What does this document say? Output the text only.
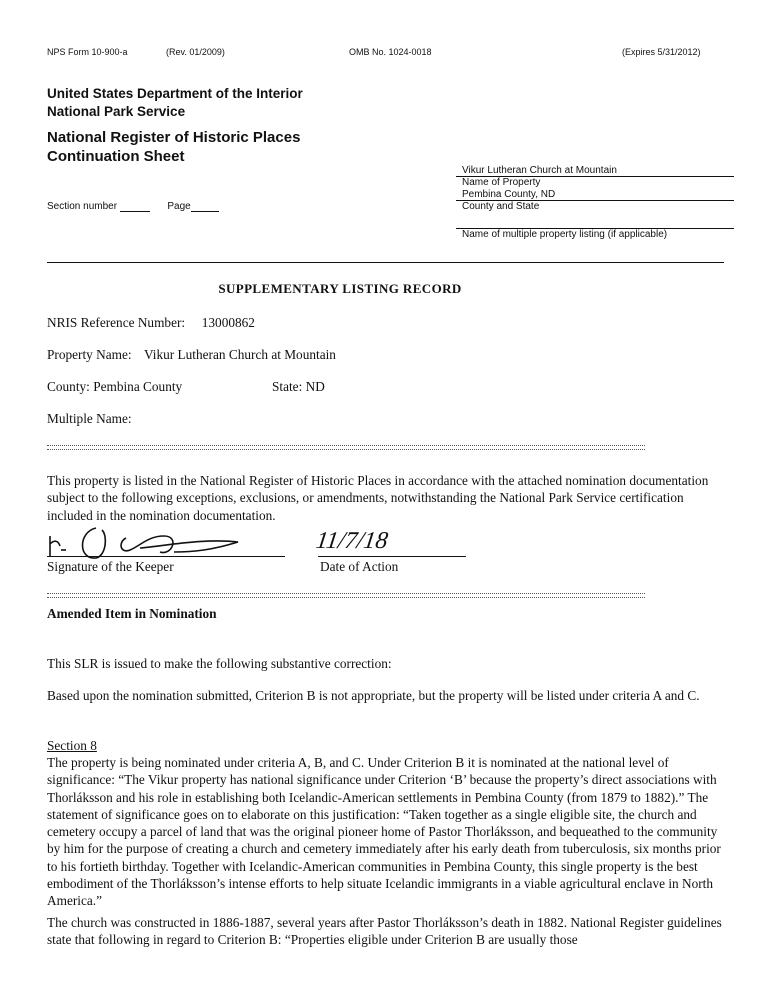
NPS Form 10-900-a	(Rev. 01/2009)	OMB No. 1024-0018	(Expires 5/31/2012)
United States Department of the Interior
National Park Service
National Register of Historic Places
Continuation Sheet
Section number	Page
Vikur Lutheran Church at Mountain
Name of Property
Pembina County, ND
County and State
Name of multiple property listing (if applicable)
SUPPLEMENTARY LISTING RECORD
NRIS Reference Number: 13000862
Property Name: Vikur Lutheran Church at Mountain
County: Pembina County	State: ND
Multiple Name:

This property is listed in the National Register of Historic Places in accordance with the attached nomination documentation subject to the following exceptions, exclusions, or amendments, notwithstanding the National Park Service certification included in the nomination documentation.

11/7/18
Signature of the Keeper	Date of Action
Amended Item in Nomination

This SLR is issued to make the following substantive correction:

Based upon the nomination submitted, Criterion B is not appropriate, but the property will be listed under criteria A and C.

Section 8

The property is being nominated under criteria A, B, and C. Under Criterion B it is nominated at the national level of significance: “The Vikur property has national significance under Criterion ‘B’ because the property’s direct associations with Thorláksson and his role in establishing both Icelandic-American settlements in Pembina County (from 1879 to 1882).” The statement of significance goes on to elaborate on this justification: “Taken together as a single eligible site, the church and cemetery occupy a parcel of land that was the original pioneer home of Pastor Thorláksson, and bequeathed to the community by him for the purpose of creating a church and cemetery immediately after his early death from tuberculosis, six months prior to his fortieth birthday. Together with Icelandic-American communities in Pembina County, this single property is the best embodiment of the Thorláksson’s intense efforts to help situate Icelandic immigrants in a viable agricultural enclave in North America.”

The church was constructed in 1886-1887, several years after Pastor Thorláksson’s death in 1882. National Register guidelines state that following in regard to Criterion B: “Properties eligible under Criterion B are usually those
